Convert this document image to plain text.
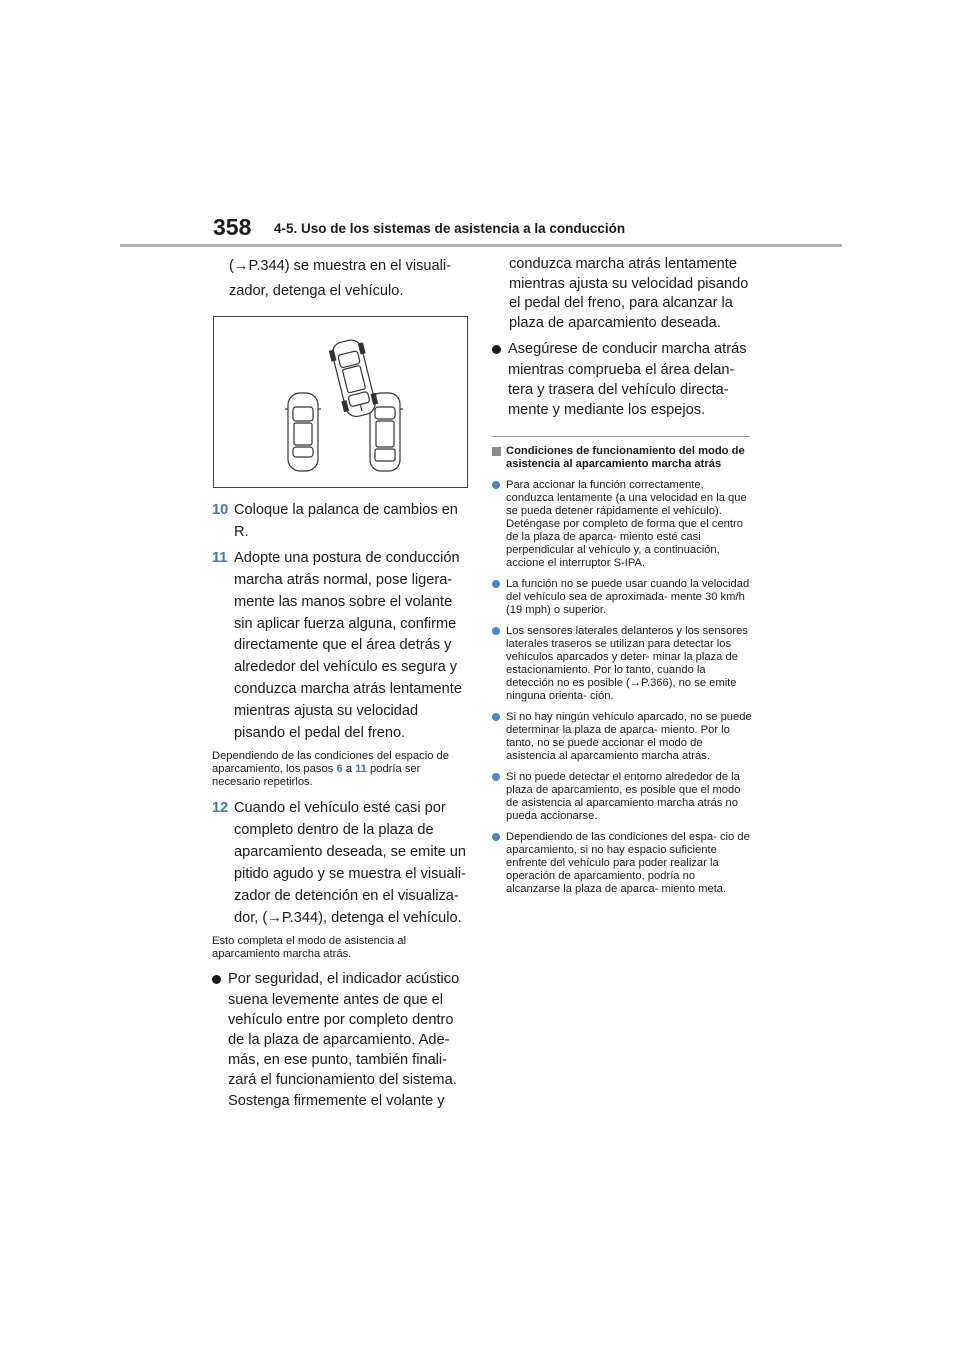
358 4-5. Uso de los sistemas de asistencia a la conducción

(→P.344) se muestra en el visuali-

zador, detenga el vehículo.

10 Coloque la palanca de cambios en R.
11 Adopte una postura de conducción marcha atrás normal, pose ligera- mente las manos sobre el volante sin aplicar fuerza alguna, confirme directamente que el área detrás y alrededor del vehículo es segura y conduzca marcha atrás lentamente mientras ajusta su velocidad pisando el pedal del freno.

Dependiendo de las condiciones del espacio de aparcamiento, los pasos 6 a 11 podría ser necesario repetirlos.

12 Cuando el vehículo esté casi por completo dentro de la plaza de aparcamiento deseada, se emite un pitido agudo y se muestra el visuali- zador de detención en el visualiza- dor, (→P.344), detenga el vehículo.

Esto completa el modo de asistencia al aparcamiento marcha atrás.

Por seguridad, el indicador acústico suena levemente antes de que el vehículo entre por completo dentro de la plaza de aparcamiento. Ade- más, en ese punto, también finali- zará el funcionamiento del sistema. Sostenga firmemente el volante y

conduzca marcha atrás lentamente mientras ajusta su velocidad pisando el pedal del freno, para alcanzar la plaza de aparcamiento deseada.

Asegúrese de conducir marcha atrás mientras comprueba el área delan- tera y trasera del vehículo directa- mente y mediante los espejos.
Condiciones de funcionamiento del modo de asistencia al aparcamiento marcha atrás
Para accionar la función correctamente, conduzca lentamente (a una velocidad en la que se pueda detener rápidamente el vehículo). Deténgase por completo de forma que el centro de la plaza de aparca- miento esté casi perpendicular al vehículo y, a continuación, accione el interruptor S-IPA.
La función no se puede usar cuando la velocidad del vehículo sea de aproximada- mente 30 km/h (19 mph) o superior.
Los sensores laterales delanteros y los sensores laterales traseros se utilizan para detectar los vehículos aparcados y deter- minar la plaza de estacionamiento. Por lo tanto, cuando la detección no es posible (→P.366), no se emite ninguna orienta- ción.
Si no hay ningún vehículo aparcado, no se puede determinar la plaza de aparca- miento. Por lo tanto, no se puede accionar el modo de asistencia al aparcamiento marcha atrás.
Si no puede detectar el entorno alrededor de la plaza de aparcamiento, es posible que el modo de asistencia al aparcamiento marcha atrás no pueda accionarse.
Dependiendo de las condiciones del espa- cio de aparcamiento, si no hay espacio suficiente enfrente del vehículo para poder realizar la operación de aparcamiento, podría no alcanzarse la plaza de aparca- miento meta.
